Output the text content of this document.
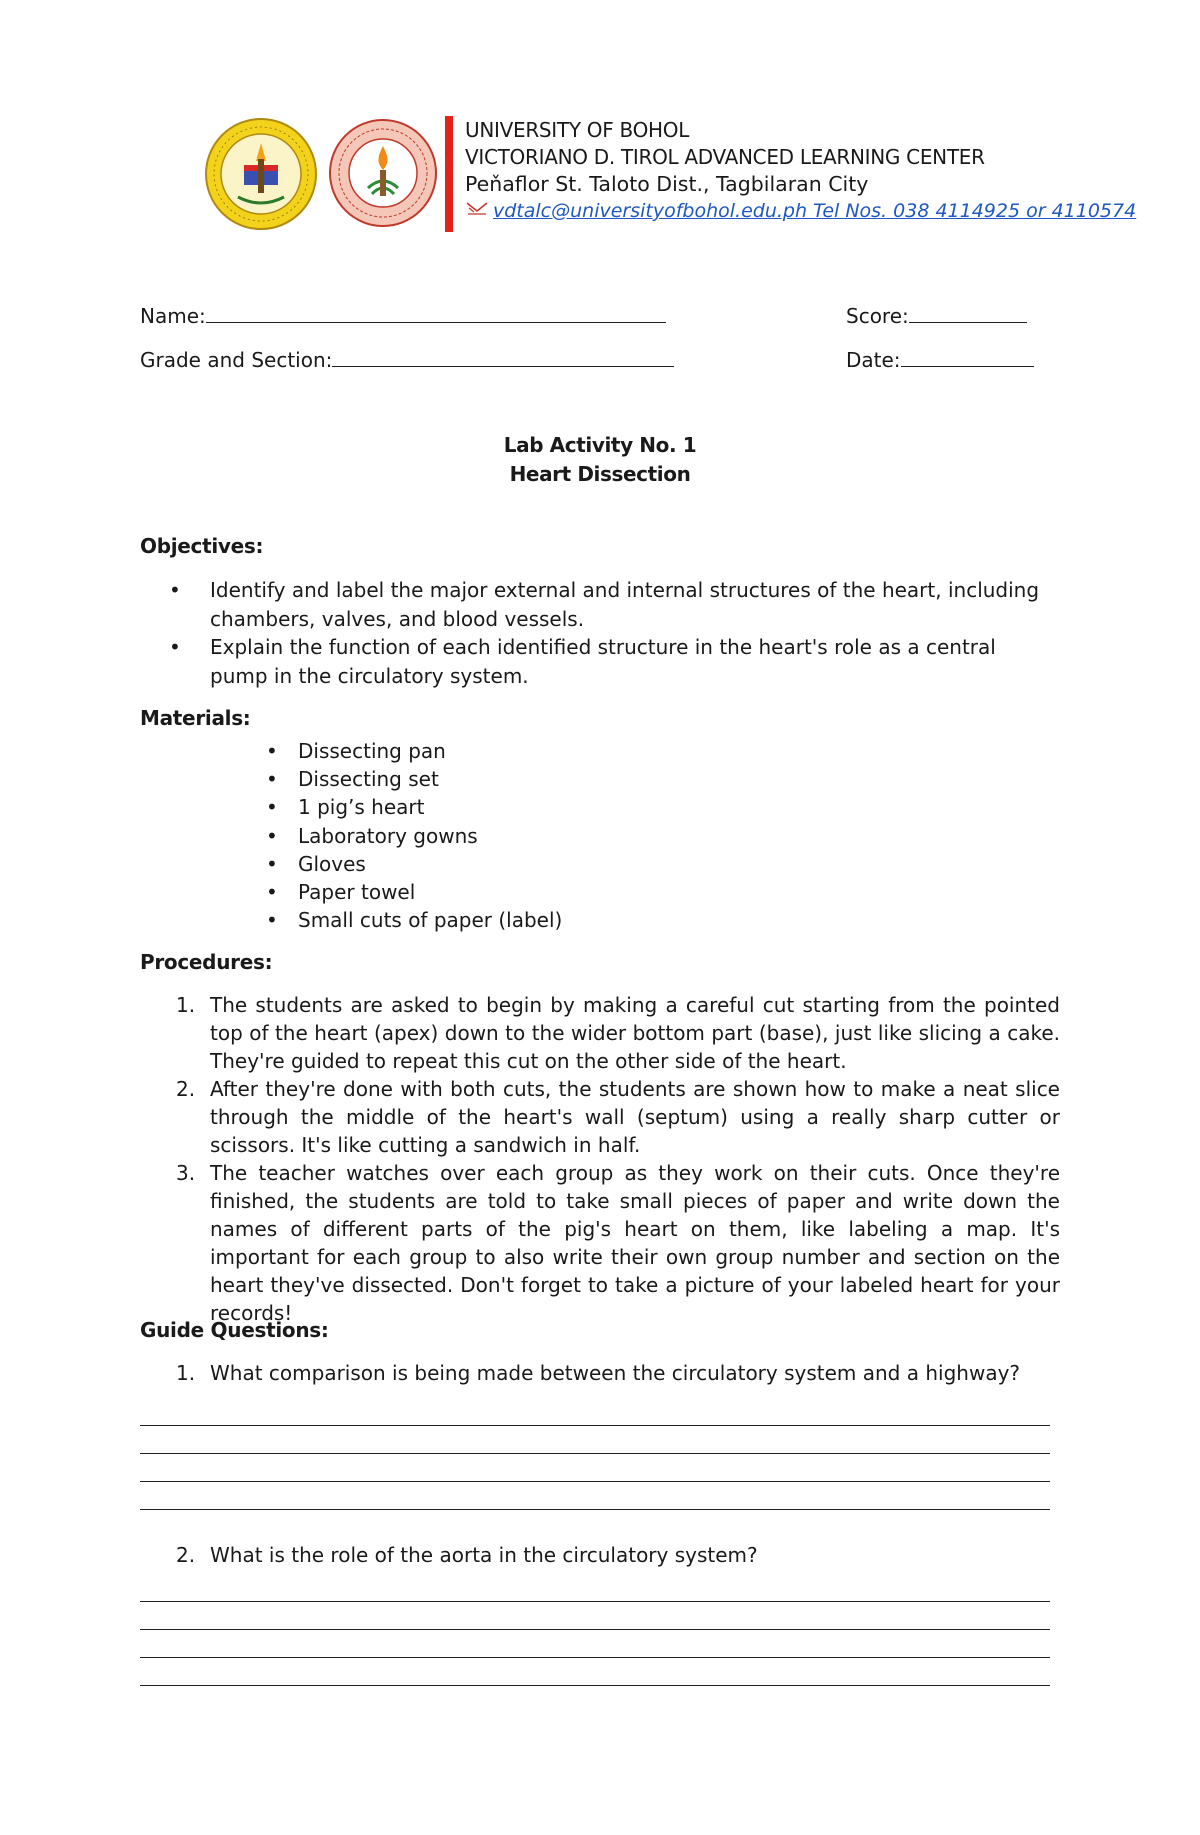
UNIVERSITY OF BOHOL
VICTORIANO D. TIROL ADVANCED LEARNING CENTER
Peňaflor St. Taloto Dist., Tagbilaran City
vdtalc@universityofbohol.edu.ph Tel Nos. 038 4114925 or 4110574
Name:	Score:
Grade and Section:	Date:
Lab Activity No. 1
Heart Dissection
Objectives:
• Identify and label the major external and internal structures of the heart, including chambers, valves, and blood vessels.
• Explain the function of each identified structure in the heart's role as a central pump in the circulatory system.
Materials:
• Dissecting pan
• Dissecting set
• 1 pig’s heart
• Laboratory gowns
• Gloves
• Paper towel
• Small cuts of paper (label)
Procedures:
1. The students are asked to begin by making a careful cut starting from the pointed top of the heart (apex) down to the wider bottom part (base), just like slicing a cake. They're guided to repeat this cut on the other side of the heart.
2. After they're done with both cuts, the students are shown how to make a neat slice through the middle of the heart's wall (septum) using a really sharp cutter or scissors. It's like cutting a sandwich in half.
3. The teacher watches over each group as they work on their cuts. Once they're finished, the students are told to take small pieces of paper and write down the names of different parts of the pig's heart on them, like labeling a map. It's important for each group to also write their own group number and section on the heart they've dissected. Don't forget to take a picture of your labeled heart for your records!
Guide Questions:
1. What comparison is being made between the circulatory system and a highway?
2. What is the role of the aorta in the circulatory system?
